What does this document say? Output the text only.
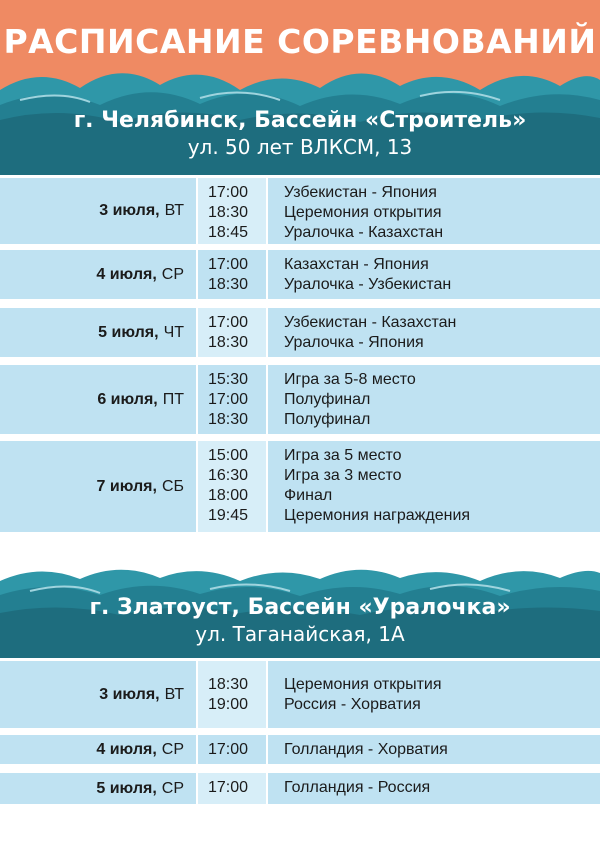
РАСПИСАНИЕ СОРЕВНОВАНИЙ
г. Челябинск, Бассейн «Строитель»
ул. 50 лет ВЛКСМ, 13
3 июля, ВТ
17:00
18:30
18:45
Узбекистан - Япония
Церемония открытия
Уралочка - Казахстан
4 июля, СР
17:00
18:30
Казахстан - Япония
Уралочка - Узбекистан
5 июля, ЧТ
17:00
18:30
Узбекистан - Казахстан
Уралочка - Япония
6 июля, ПТ
15:30
17:00
18:30
Игра за 5-8 место
Полуфинал
Полуфинал
7 июля, СБ
15:00
16:30
18:00
19:45
Игра за 5 место
Игра за 3 место
Финал
Церемония награждения
г. Златоуст, Бассейн «Уралочка»
ул. Таганайская, 1А
3 июля, ВТ
18:30
19:00
Церемония открытия
Россия - Хорватия
4 июля, СР 17:00	Голландия - Хорватия
5 июля, СР 17:00	Голландия - Россия
